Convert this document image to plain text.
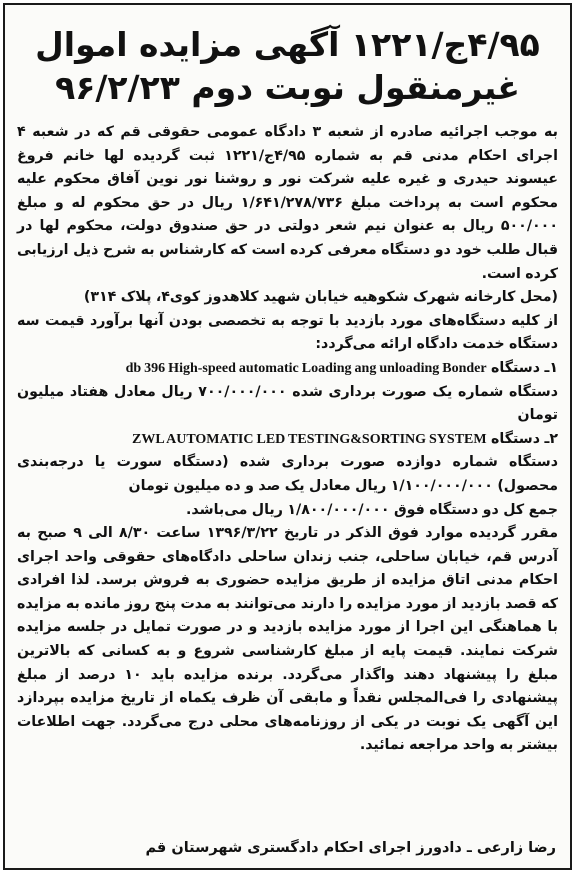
۴/۹۵ج/۱۲۲۱ آگهی مزایده اموال
غیرمنقول نوبت دوم ۹۶/۲/۲۳

به موجب اجرائیه صادره از شعبه ۳ دادگاه عمومی حقوقی قم که در شعبه ۴ اجرای احکام مدنی قم به شماره ۴/۹۵ج/۱۲۲۱ ثبت گردیده لها خانم فروغ عیسوند حیدری و غیره علیه شرکت نور و روشنا نور نوین آفاق محکوم علیه محکوم است به پرداخت مبلغ ۱/۶۴۱/۲۷۸/۷۳۶ ریال در حق محکوم له و مبلغ ۵۰۰/۰۰۰ ریال به عنوان نیم شعر دولتی در حق صندوق دولت، محکوم لها در قبال طلب خود دو دستگاه معرفی کرده است که کارشناس به شرح ذیل ارزیابی کرده است.

(محل کارخانه شهرک شکوهیه خیابان شهید کلاهدوز کوی۴، پلاک ۳۱۴)

از کلیه دستگاه‌های مورد بازدید با توجه به تخصصی بودن آنها برآورد قیمت سه دستگاه خدمت دادگاه ارائه می‌گردد:

۱ـ دستگاه db 396 High-speed automatic Loading ang unloading Bonder

دستگاه شماره یک صورت برداری شده ۷۰۰/۰۰۰/۰۰۰ ریال معادل هفتاد میلیون تومان

۲ـ دستگاه ZWL AUTOMATIC LED TESTING&SORTING SYSTEM

دستگاه شماره دوازده صورت برداری شده (دستگاه سورت یا درجه‌بندی محصول) ۱/۱۰۰/۰۰۰/۰۰۰ ریال معادل یک صد و ده میلیون تومان

جمع کل دو دستگاه فوق ۱/۸۰۰/۰۰۰/۰۰۰ ریال می‌باشد.

مقرر گردیده موارد فوق الذکر در تاریخ ۱۳۹۶/۳/۲۲ ساعت ۸/۳۰ الی ۹ صبح به آدرس قم، خیابان ساحلی، جنب زندان ساحلی دادگاه‌های حقوقی واحد اجرای احکام مدنی اتاق مزایده از طریق مزایده حضوری به فروش برسد. لذا افرادی که قصد بازدید از مورد مزایده را دارند می‌توانند به مدت پنج روز مانده به مزایده با هماهنگی این اجرا از مورد مزایده بازدید و در صورت تمایل در جلسه مزایده شرکت نمایند. قیمت پایه از مبلغ کارشناسی شروع و به کسانی که بالاترین مبلغ را پیشنهاد دهند واگذار می‌گردد. برنده مزایده باید ۱۰ درصد از مبلغ پیشنهادی را فی‌المجلس نقداً و مابقی آن ظرف یکماه از تاریخ مزایده بپردازد این آگهی یک نوبت در یکی از روزنامه‌های محلی درج می‌گردد. جهت اطلاعات بیشتر به واحد مراجعه نمائید.

رضا زارعی ـ دادورز اجرای احکام دادگستری شهرستان قم
